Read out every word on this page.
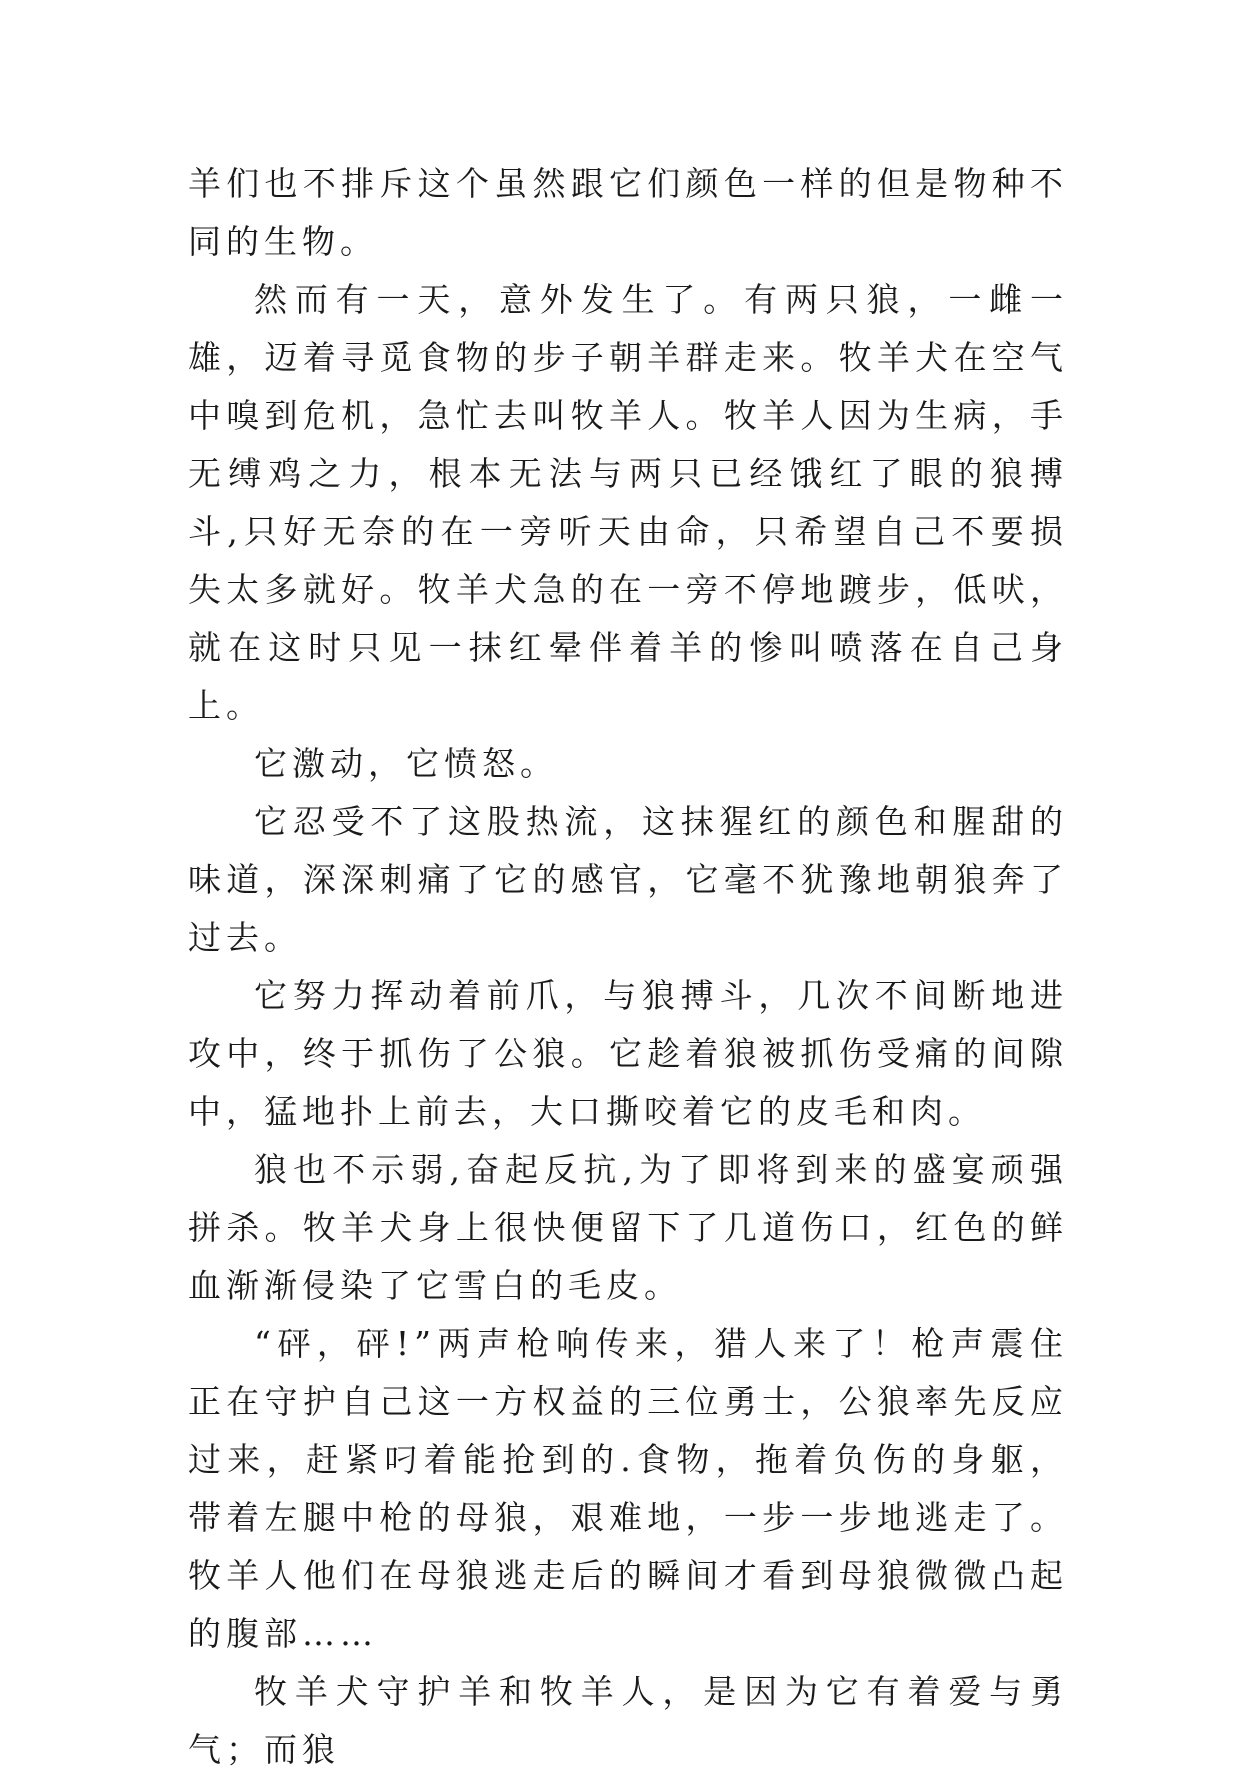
羊们也不排斥这个虽然跟它们颜色一样的但是物种不同的生物。

然而有一天，意外发生了。有两只狼，一雌一雄，迈着寻觅食物的步子朝羊群走来。牧羊犬在空气中嗅到危机，急忙去叫牧羊人。牧羊人因为生病，手无缚鸡之力，根本无法与两只已经饿红了眼的狼搏斗,只好无奈的在一旁听天由命，只希望自己不要损失太多就好。牧羊犬急的在一旁不停地踱步，低吠，就在这时只见一抹红晕伴着羊的惨叫喷落在自己身上。

它激动，它愤怒。

它忍受不了这股热流，这抹猩红的颜色和腥甜的味道，深深刺痛了它的感官，它毫不犹豫地朝狼奔了过去。

它努力挥动着前爪，与狼搏斗，几次不间断地进攻中，终于抓伤了公狼。它趁着狼被抓伤受痛的间隙中，猛地扑上前去，大口撕咬着它的皮毛和肉。

狼也不示弱,奋起反抗,为了即将到来的盛宴顽强拼杀。牧羊犬身上很快便留下了几道伤口，红色的鲜血渐渐侵染了它雪白的毛皮。

“砰，砰!”两声枪响传来，猎人来了！枪声震住正在守护自己这一方权益的三位勇士，公狼率先反应过来，赶紧叼着能抢到的.食物，拖着负伤的身躯，带着左腿中枪的母狼，艰难地，一步一步地逃走了。牧羊人他们在母狼逃走后的瞬间才看到母狼微微凸起的腹部……

牧羊犬守护羊和牧羊人，是因为它有着爱与勇气；而狼
